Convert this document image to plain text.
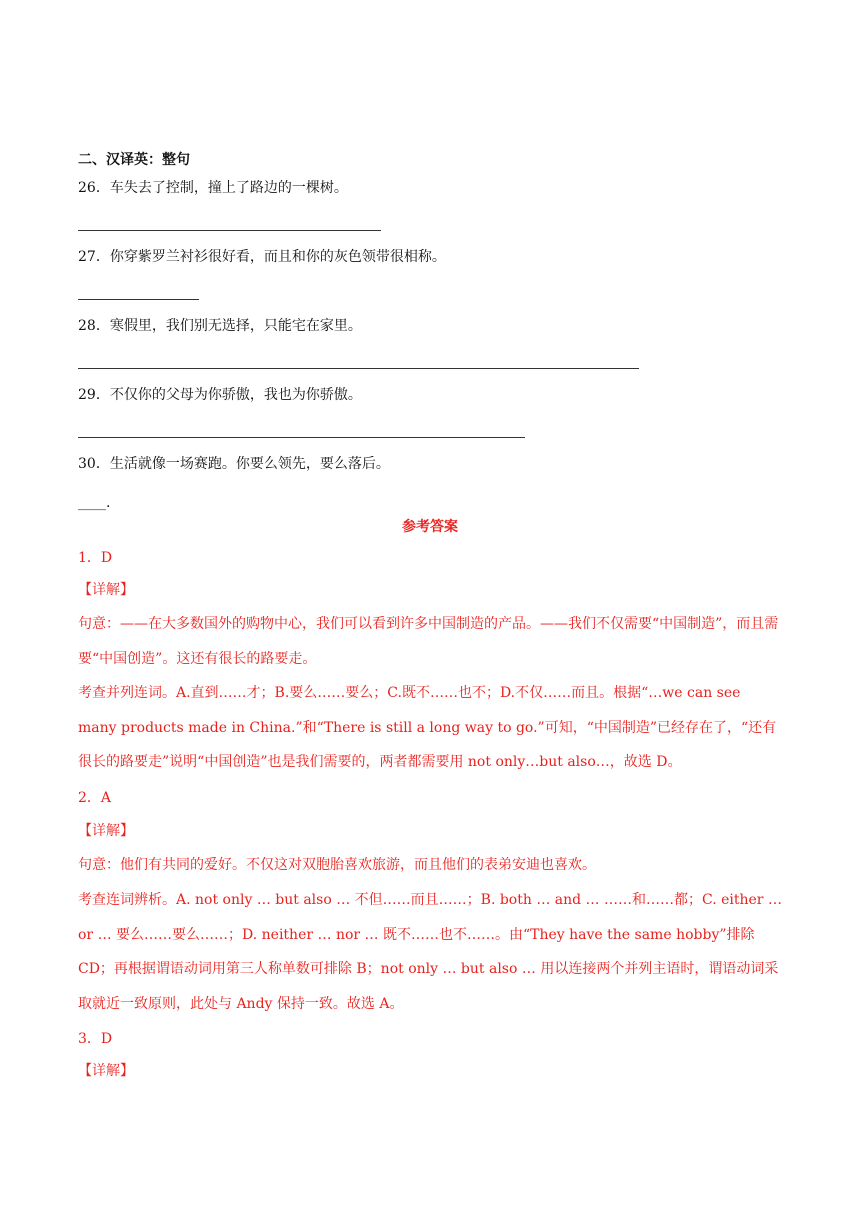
二、汉译英：整句
26．车失去了控制，撞上了路边的一棵树。
27．你穿紫罗兰衬衫很好看，而且和你的灰色领带很相称。
28．寒假里，我们别无选择，只能宅在家里。
29．不仅你的父母为你骄傲，我也为你骄傲。
30．生活就像一场赛跑。你要么领先，要么落后。
____.
参考答案
1．D
【详解】
句意：——在大多数国外的购物中心，我们可以看到许多中国制造的产品。——我们不仅需要“中国制造”，而且需要“中国创造”。这还有很长的路要走。
考查并列连词。A.直到……才；B.要么……要么；C.既不……也不；D.不仅……而且。根据“…we can see many products made in China.”和“There is still a long way to go.”可知，“中国制造”已经存在了，“还有很长的路要走”说明“中国创造”也是我们需要的，两者都需要用 not only…but also…，故选 D。
2．A
【详解】
句意：他们有共同的爱好。不仅这对双胞胎喜欢旅游，而且他们的表弟安迪也喜欢。
考查连词辨析。A. not only … but also … 不但……而且……；B. both … and … ……和……都；C. either … or … 要么……要么……；D. neither … nor … 既不……也不……。由“They have the same hobby”排除 CD；再根据谓语动词用第三人称单数可排除 B；not only … but also … 用以连接两个并列主语时，谓语动词采取就近一致原则，此处与 Andy 保持一致。故选 A。
3．D
【详解】
